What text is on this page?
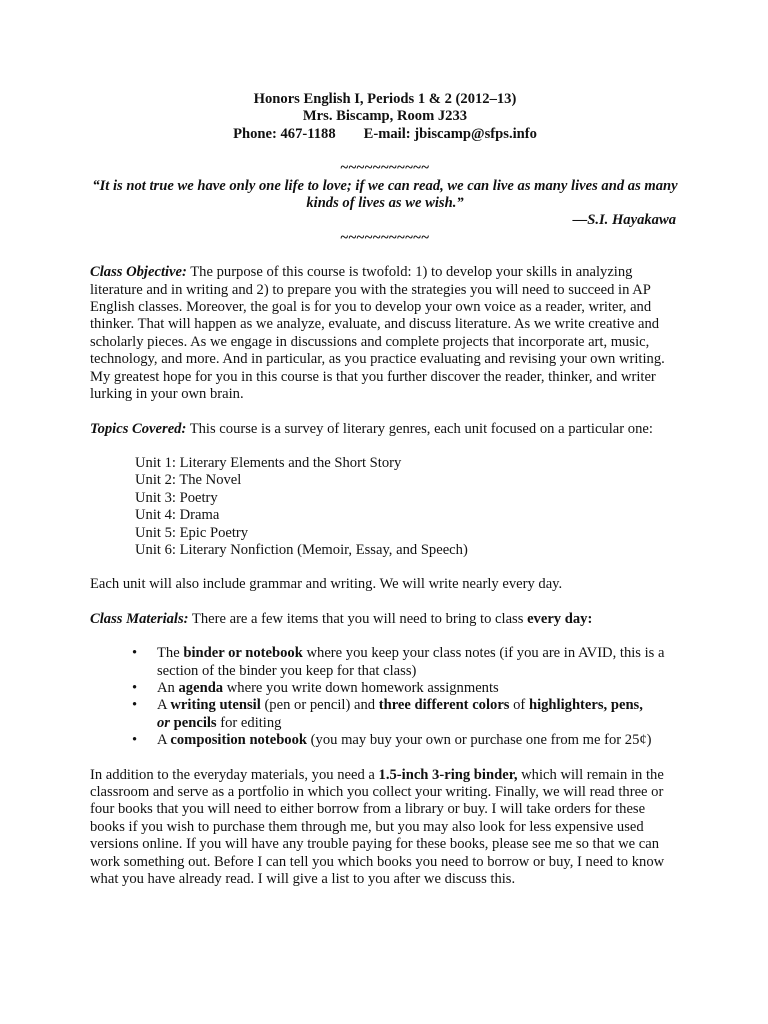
Honors English I, Periods 1 & 2 (2012–13)
Mrs. Biscamp, Room J233
Phone: 467-1188 E-mail: jbiscamp@sfps.info
~~~~~~~~~~~
“It is not true we have only one life to love; if we can read, we can live as many lives and as many kinds of lives as we wish.”
—S.I. Hayakawa
~~~~~~~~~~~

Class Objective: The purpose of this course is twofold: 1) to develop your skills in analyzing literature and in writing and 2) to prepare you with the strategies you will need to succeed in AP English classes. Moreover, the goal is for you to develop your own voice as a reader, writer, and thinker. That will happen as we analyze, evaluate, and discuss literature. As we write creative and scholarly pieces. As we engage in discussions and complete projects that incorporate art, music, technology, and more. And in particular, as you practice evaluating and revising your own writing. My greatest hope for you in this course is that you further discover the reader, thinker, and writer lurking in your own brain.

Topics Covered: This course is a survey of literary genres, each unit focused on a particular one:

Unit 1: Literary Elements and the Short Story
Unit 2: The Novel
Unit 3: Poetry
Unit 4: Drama
Unit 5: Epic Poetry
Unit 6: Literary Nonfiction (Memoir, Essay, and Speech)

Each unit will also include grammar and writing. We will write nearly every day.

Class Materials: There are a few items that you will need to bring to class every day:

• The binder or notebook where you keep your class notes (if you are in AVID, this is a section of the binder you keep for that class)
• An agenda where you write down homework assignments
• A writing utensil (pen or pencil) and three different colors of highlighters, pens,
or pencils for editing
• A composition notebook (you may buy your own or purchase one from me for 25¢)

In addition to the everyday materials, you need a 1.5-inch 3-ring binder, which will remain in the classroom and serve as a portfolio in which you collect your writing. Finally, we will read three or four books that you will need to either borrow from a library or buy. I will take orders for these books if you wish to purchase them through me, but you may also look for less expensive used versions online. If you will have any trouble paying for these books, please see me so that we can work something out. Before I can tell you which books you need to borrow or buy, I need to know what you have already read. I will give a list to you after we discuss this.
